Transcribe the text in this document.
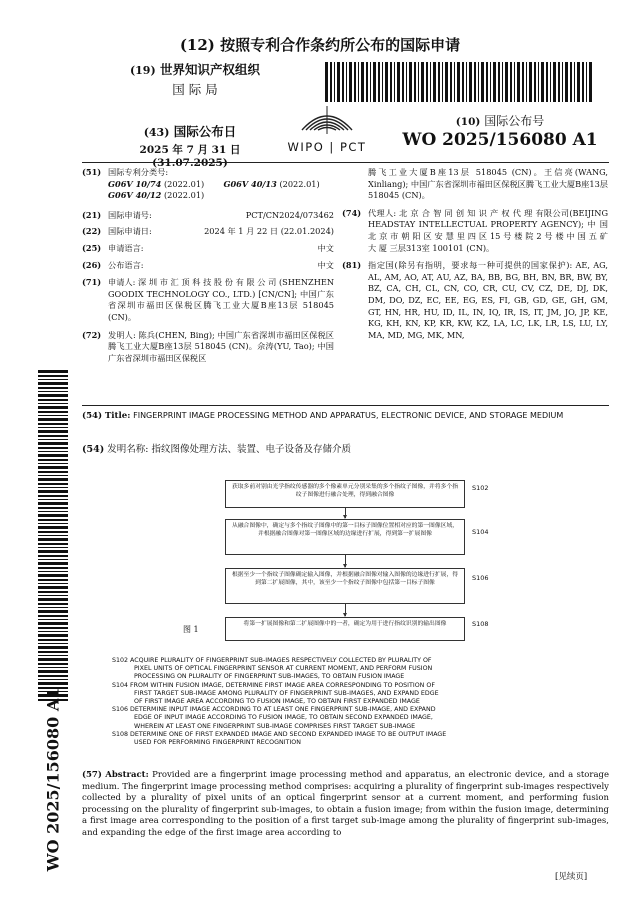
(12) 按照专利合作条约所公布的国际申请
(19) 世界知识产权组织
国 际 局
(43) 国际公布日
2025 年 7 月 31 日 (31.07.2025)
WIPO | PCT
(10) 国际公布号
WO 2025/156080 A1
(51) 国际专利分类号:
G06V 10/74 (2022.01) G06V 40/13 (2022.01)
G06V 40/12 (2022.01)
(21) 国际申请号:	PCT/CN2024/073462
(22) 国际申请日:	2024 年 1 月 22 日 (22.01.2024)
(25) 申请语言:	中文
(26) 公布语言:	中文
(71) 申请人: 深 圳 市 汇 顶 科 技 股 份 有 限 公 司 (SHENZHEN GOODIX TECHNOLOGY CO., LTD.) [CN/CN]; 中国广东省深圳市福田区保税区腾飞工业大厦B座13层 518045 (CN)。
(72) 发明人: 陈兵(CHEN, Bing); 中国广东省深圳市福田区保税区腾飞工业大厦B座13层 518045 (CN)。佘涛(YU, Tao); 中国广东省深圳市福田区保税区
腾飞工业大厦B座13层 518045 (CN)。王信亮(WANG, Xinliang); 中国广东省深圳市福田区保税区腾飞工业大厦B座13层 518045 (CN)。
(74) 代理人: 北 京 合 智 同 创 知 识 产 权 代 理 有限公司(BEIJING HEADSTAY INTELLECTUAL PROPERTY AGENCY); 中 国 北 京 市 朝 阳 区 安 慧 里 四 区 15 号 楼 院 2 号 楼 中 国 五 矿 大 厦 三层313室 100101 (CN)。
(81) 指定国(除另有指明，要求每一种可提供的国家保护): AE, AG, AL, AM, AO, AT, AU, AZ, BA, BB, BG, BH, BN, BR, BW, BY, BZ, CA, CH, CL, CN, CO, CR, CU, CV, CZ, DE, DJ, DK, DM, DO, DZ, EC, EE, EG, ES, FI, GB, GD, GE, GH, GM, GT, HN, HR, HU, ID, IL, IN, IQ, IR, IS, IT, JM, JO, JP, KE, KG, KH, KN, KP, KR, KW, KZ, LA, LC, LK, LR, LS, LU, LY, MA, MD, MG, MK, MN,
(54) Title: FINGERPRINT IMAGE PROCESSING METHOD AND APPARATUS, ELECTRONIC DEVICE, AND STORAGE MEDIUM
(54) 发明名称: 指纹图像处理方法、装置、电子设备及存储介质
获取多前对别由光学指纹传感器的多个像素单元分别采集的多个指纹子图像，并将多个指纹子图像进行融合处理，得到融合图像
S102
从融合图像中，确定与多个指纹子图像中的第一目标子图像位置相对应的第一图像区域，并根据融合图像对第一图像区域的边缘进行扩展，得到第一扩展图像	S104
根据至少一个指纹子图像确定输入图像，并根据融合图像对输入图像的边缘进行扩展，得到第二扩展图像，其中，该至少一个指纹子图像中包括第一目标子图像
S106
将第一扩展图像和第二扩展图像中的一者，确定为用于进行指纹识别的输出图像	S108
图 1
S102 ACQUIRE PLURALITY OF FINGERPRINT SUB-IMAGES RESPECTIVELY COLLECTED BY PLURALITY OF
PIXEL UNITS OF OPTICAL FINGERPRINT SENSOR AT CURRENT MOMENT, AND PERFORM FUSION
PROCESSING ON PLURALITY OF FINGERPRINT SUB-IMAGES, TO OBTAIN FUSION IMAGE
S104 FROM WITHIN FUSION IMAGE, DETERMINE FIRST IMAGE AREA CORRESPONDING TO POSITION OF
FIRST TARGET SUB-IMAGE AMONG PLURALITY OF FINGERPRINT SUB-IMAGES, AND EXPAND EDGE
OF FIRST IMAGE AREA ACCORDING TO FUSION IMAGE, TO OBTAIN FIRST EXPANDED IMAGE
S106 DETERMINE INPUT IMAGE ACCORDING TO AT LEAST ONE FINGERPRINT SUB-IMAGE, AND EXPAND
EDGE OF INPUT IMAGE ACCORDING TO FUSION IMAGE, TO OBTAIN SECOND EXPANDED IMAGE,
WHEREIN AT LEAST ONE FINGERPRINT SUB-IMAGE COMPRISES FIRST TARGET SUB-IMAGE
S108 DETERMINE ONE OF FIRST EXPANDED IMAGE AND SECOND EXPANDED IMAGE TO BE OUTPUT IMAGE
USED FOR PERFORMING FINGERPRINT RECOGNITION
(57) Abstract: Provided are a fingerprint image processing method and apparatus, an electronic device, and a storage medium. The fingerprint image processing method comprises: acquiring a plurality of fingerprint sub-images respectively collected by a plurality of pixel units of an optical fingerprint sensor at a current moment, and performing fusion processing on the plurality of fingerprint sub-images, to obtain a fusion image; from within the fusion image, determining a first image area corresponding to the position of a first target sub-image among the plurality of fingerprint sub-images, and expanding the edge of the first image area according to
[见续页]
WO 2025/156080 A1
